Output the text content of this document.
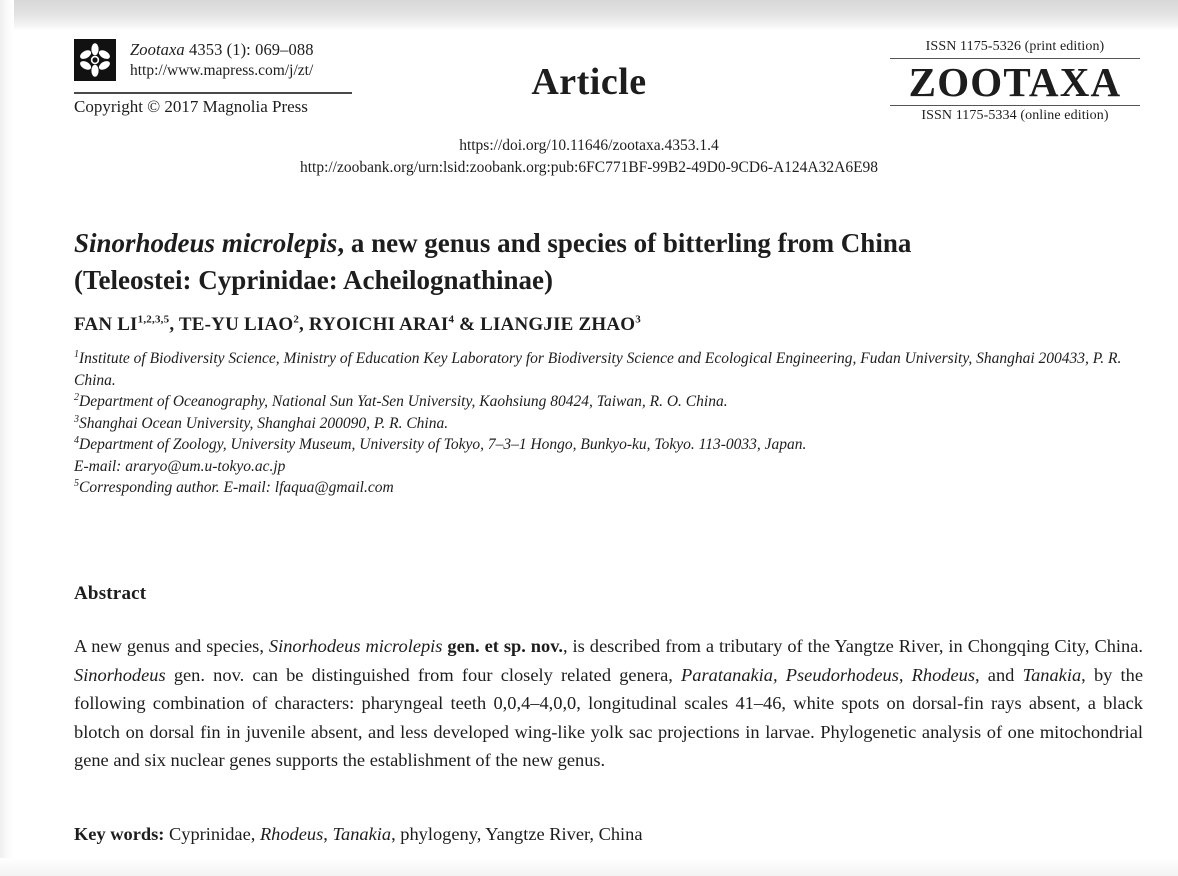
Zootaxa 4353 (1): 069–088
http://www.mapress.com/j/zt/
Copyright © 2017 Magnolia Press
Article
ISSN 1175-5326 (print edition)
ZOOTAXA
ISSN 1175-5334 (online edition)
https://doi.org/10.11646/zootaxa.4353.1.4
http://zoobank.org/urn:lsid:zoobank.org:pub:6FC771BF-99B2-49D0-9CD6-A124A32A6E98
Sinorhodeus microlepis, a new genus and species of bitterling from China
(Teleostei: Cyprinidae: Acheilognathinae)
FAN LI$^{1,2,3,5}$, TE-YU LIAO$^2$, RYOICHI ARAI$^4$ & LIANGJIE ZHAO$^3$

$^1$Institute of Biodiversity Science, Ministry of Education Key Laboratory for Biodiversity Science and Ecological Engineering, Fudan University, Shanghai 200433, P. R. China.

$^2$Department of Oceanography, National Sun Yat-Sen University, Kaohsiung 80424, Taiwan, R. O. China.

$^3$Shanghai Ocean University, Shanghai 200090, P. R. China.

$^4$Department of Zoology, University Museum, University of Tokyo, 7–3–1 Hongo, Bunkyo-ku, Tokyo. 113-0033, Japan.

E-mail: araryo@um.u-tokyo.ac.jp

$^5$Corresponding author. E-mail: lfaqua@gmail.com

Abstract
A new genus and species, Sinorhodeus microlepis gen. et sp. nov., is described from a tributary of the Yangtze River, in Chongqing City, China. Sinorhodeus gen. nov. can be distinguished from four closely related genera, Paratanakia, Pseudorhodeus, Rhodeus, and Tanakia, by the following combination of characters: pharyngeal teeth 0,0,4–4,0,0, longitudinal scales 41–46, white spots on dorsal-fin rays absent, a black blotch on dorsal fin in juvenile absent, and less developed wing-like yolk sac projections in larvae. Phylogenetic analysis of one mitochondrial gene and six nuclear genes supports the establishment of the new genus.
Key words: Cyprinidae, Rhodeus, Tanakia, phylogeny, Yangtze River, China
